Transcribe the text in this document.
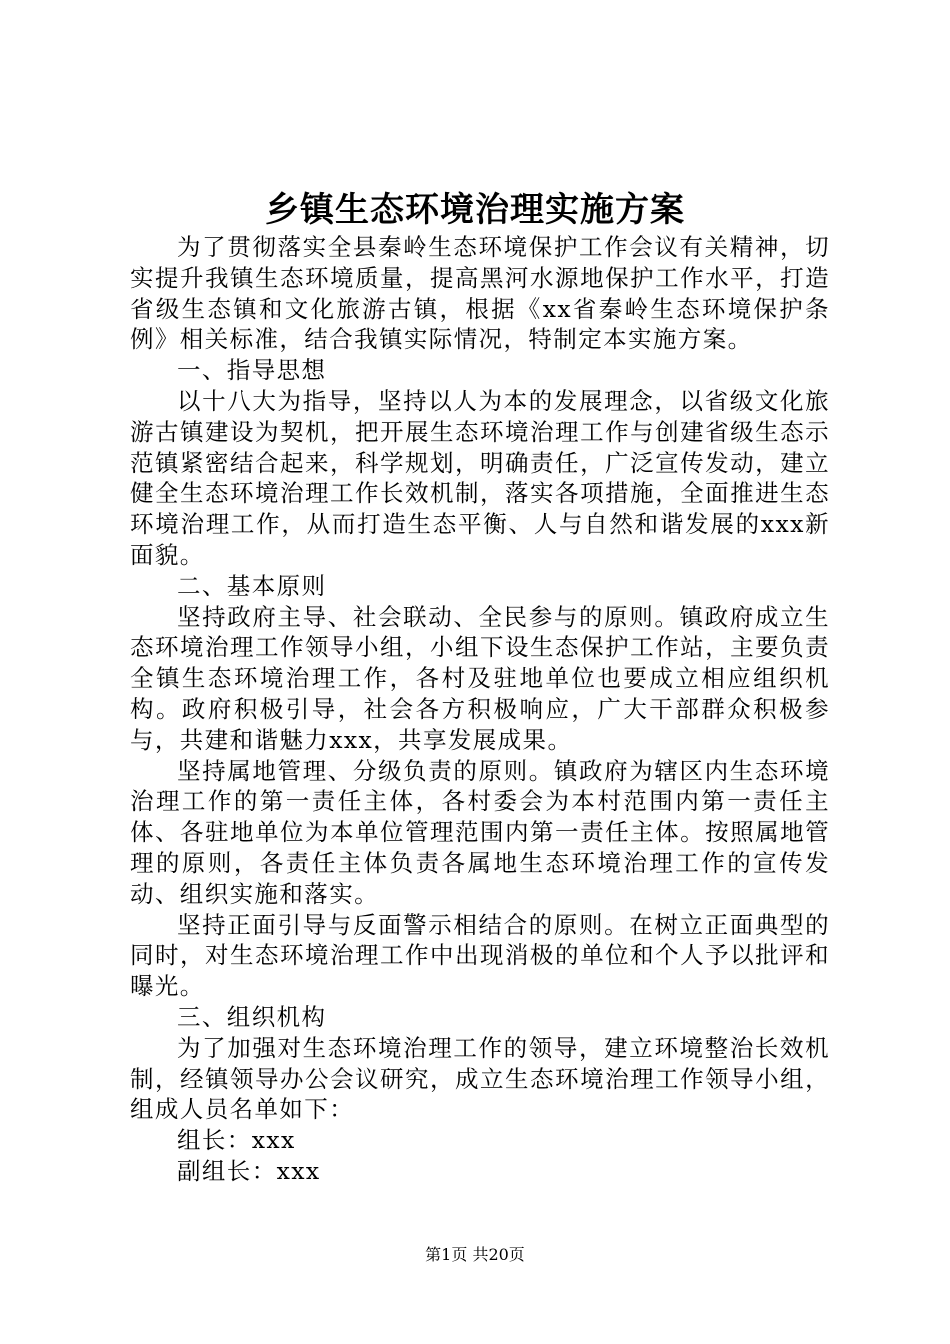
乡镇生态环境治理实施方案

为了贯彻落实全县秦岭生态环境保护工作会议有关精神，切实提升我镇生态环境质量，提高黑河水源地保护工作水平，打造省级生态镇和文化旅游古镇，根据《xx省秦岭生态环境保护条例》相关标准，结合我镇实际情况，特制定本实施方案。

一、指导思想

以十八大为指导，坚持以人为本的发展理念，以省级文化旅游古镇建设为契机，把开展生态环境治理工作与创建省级生态示范镇紧密结合起来，科学规划，明确责任，广泛宣传发动，建立健全生态环境治理工作长效机制，落实各项措施，全面推进生态环境治理工作，从而打造生态平衡、人与自然和谐发展的xxx新面貌。

二、基本原则

坚持政府主导、社会联动、全民参与的原则。镇政府成立生态环境治理工作领导小组，小组下设生态保护工作站，主要负责全镇生态环境治理工作，各村及驻地单位也要成立相应组织机构。政府积极引导，社会各方积极响应，广大干部群众积极参与，共建和谐魅力xxx，共享发展成果。

坚持属地管理、分级负责的原则。镇政府为辖区内生态环境治理工作的第一责任主体，各村委会为本村范围内第一责任主体、各驻地单位为本单位管理范围内第一责任主体。按照属地管理的原则，各责任主体负责各属地生态环境治理工作的宣传发动、组织实施和落实。

坚持正面引导与反面警示相结合的原则。在树立正面典型的同时，对生态环境治理工作中出现消极的单位和个人予以批评和曝光。

三、组织机构

为了加强对生态环境治理工作的领导，建立环境整治长效机制，经镇领导办公会议研究，成立生态环境治理工作领导小组，组成人员名单如下：

组长：xxx

副组长：xxx

第1页 共20页
